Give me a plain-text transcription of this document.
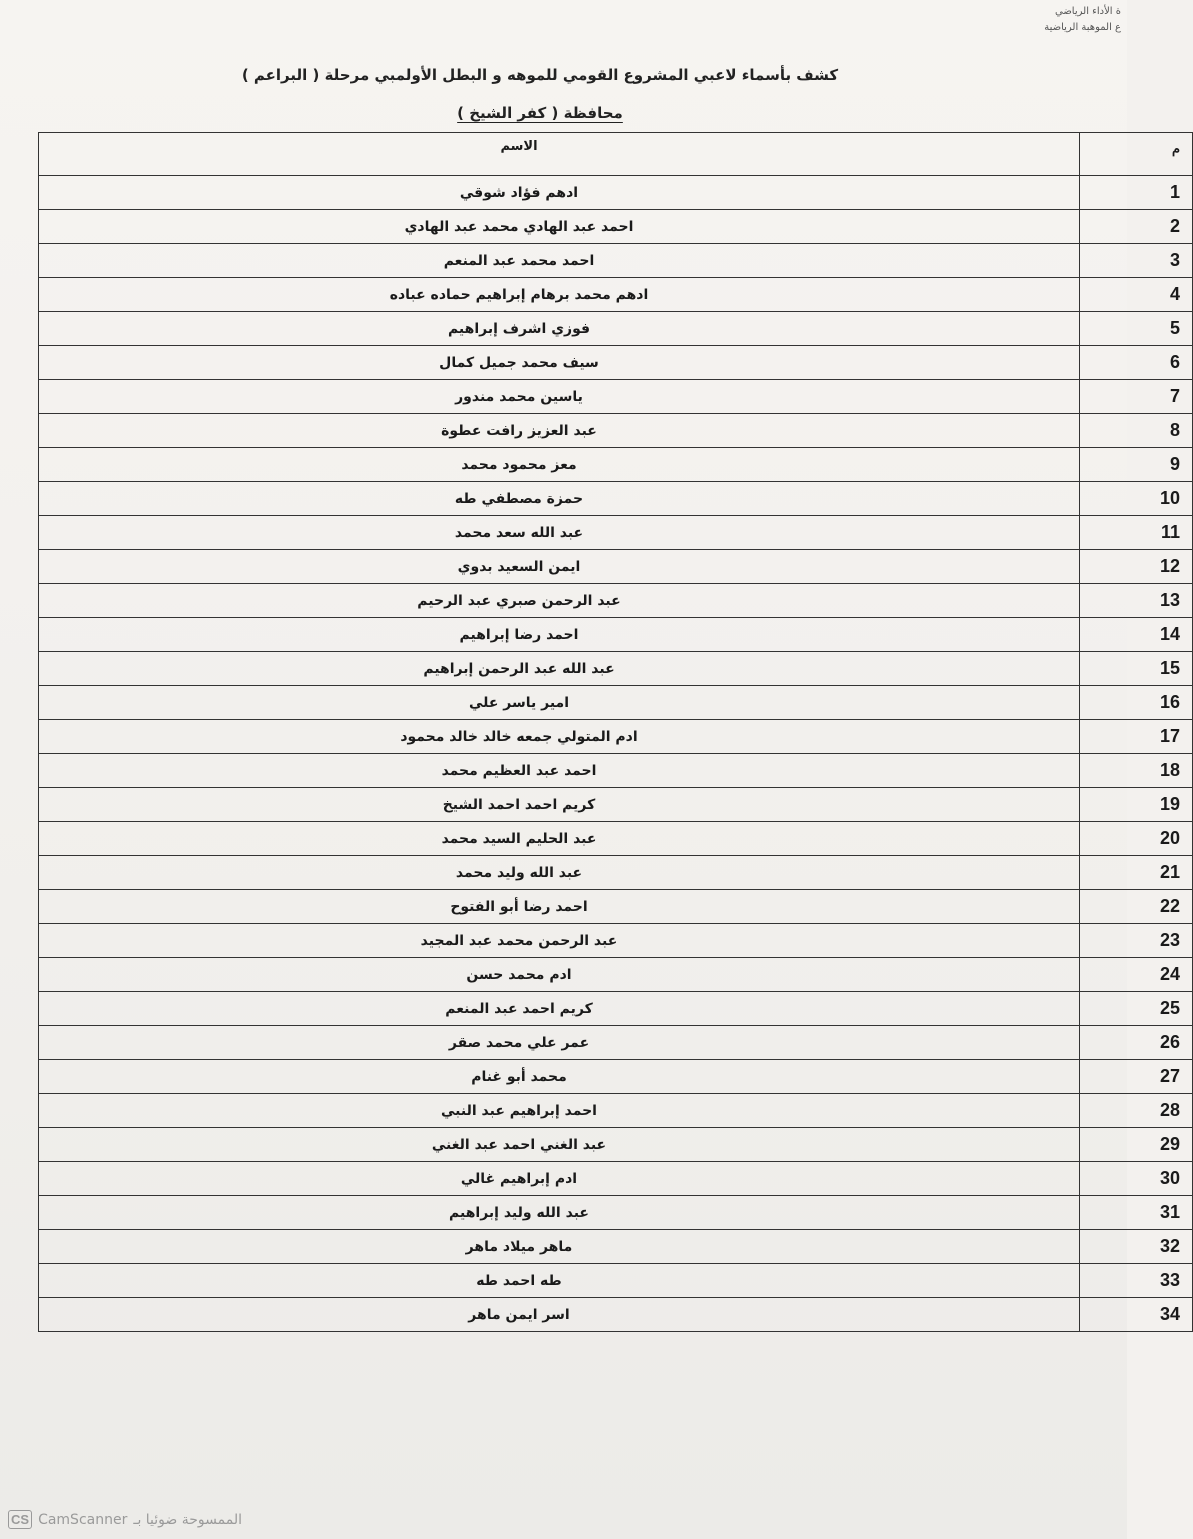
ة الأداء الرياضي
ع الموهبة الرياضية
كشف بأسماء لاعبي المشروع القومي للموهه و البطل الأولمبي مرحلة ( البراعم )
محافظة ( كفر الشيخ )
الاسم	م
ادهم فؤاد شوقي	1
احمد عبد الهادي محمد عبد الهادي	2
احمد محمد عبد المنعم	3
ادهم محمد برهام إبراهيم حماده عباده	4
فوزي اشرف إبراهيم	5
سيف محمد جميل كمال	6
ياسين محمد مندور	7
عبد العزيز رافت عطوة	8
معز محمود محمد	9
حمزة مصطفي طه	10
عبد الله سعد محمد	11
ايمن السعيد بدوي	12
عبد الرحمن صبري عبد الرحيم	13
احمد رضا إبراهيم	14
عبد الله عبد الرحمن إبراهيم	15
امير ياسر علي	16
ادم المتولي جمعه خالد خالد محمود	17
احمد عبد العظيم محمد	18
كريم احمد احمد الشيخ	19
عبد الحليم السيد محمد	20
عبد الله وليد محمد	21
احمد رضا أبو الفتوح	22
عبد الرحمن محمد عبد المجيد	23
ادم محمد حسن	24
كريم احمد عبد المنعم	25
عمر علي محمد صقر	26
محمد أبو غنام	27
احمد إبراهيم عبد النبي	28
عبد الغني احمد عبد الغني	29
ادم إبراهيم غالي	30
عبد الله وليد إبراهيم	31
ماهر ميلاد ماهر	32
طه احمد طه	33
اسر ايمن ماهر	34
CS CamScanner الممسوحة ضوئيا بـ
